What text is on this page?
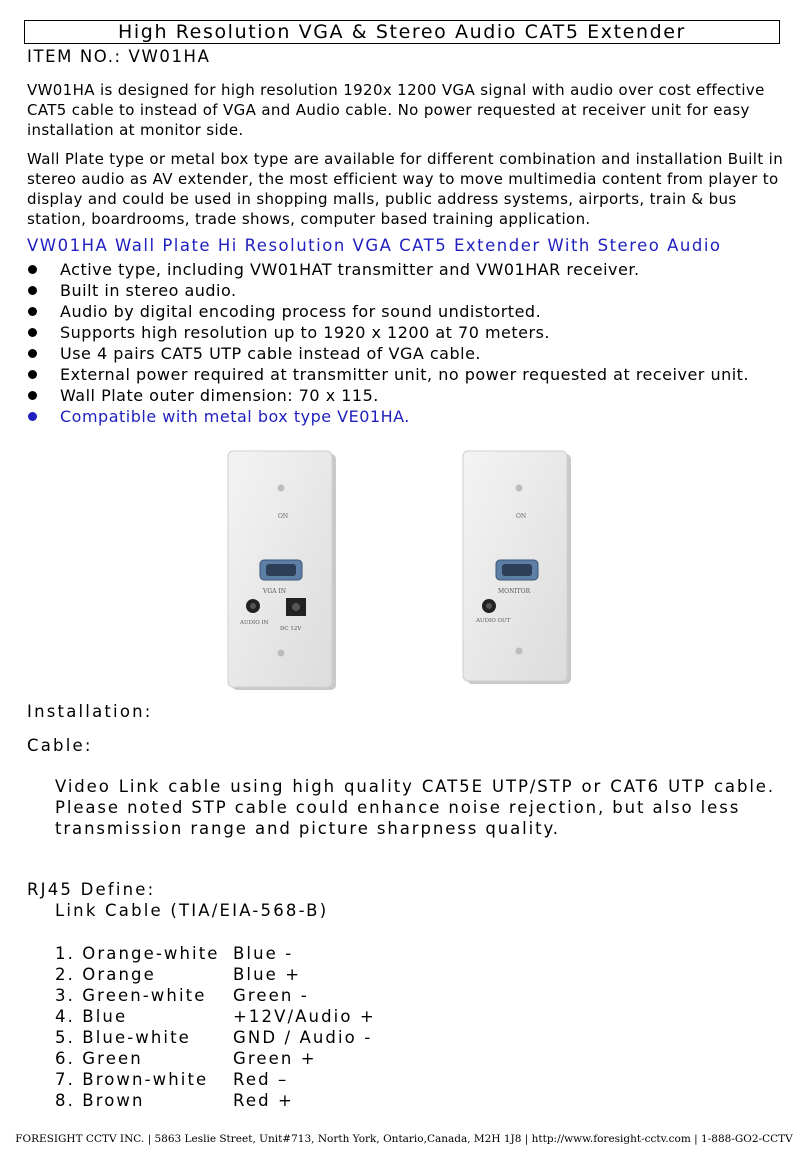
High Resolution VGA & Stereo Audio CAT5 Extender
ITEM NO.: VW01HA

VW01HA is designed for high resolution 1920x 1200 VGA signal with audio over cost effective CAT5 cable to instead of VGA and Audio cable. No power requested at receiver unit for easy installation at monitor side.

Wall Plate type or metal box type are available for different combination and installation Built in stereo audio as AV extender, the most efficient way to move multimedia content from player to display and could be used in shopping malls, public address systems, airports, train & bus station, boardrooms, trade shows, computer based training application.

VW01HA Wall Plate Hi Resolution VGA CAT5 Extender With Stereo Audio
Active type, including VW01HAT transmitter and VW01HAR receiver.
Built in stereo audio.
Audio by digital encoding process for sound undistorted.
Supports high resolution up to 1920 x 1200 at 70 meters.
Use 4 pairs CAT5 UTP cable instead of VGA cable.
External power required at transmitter unit, no power requested at receiver unit.
Wall Plate outer dimension: 70 x 115.
Compatible with metal box type VE01HA.
ON
VGA IN
AUDIO IN
DC 12V
ON
MONITOR
AUDIO OUT
Installation:
Cable:

Video Link cable using high quality CAT5E UTP/STP or CAT6 UTP cable. Please noted STP cable could enhance noise rejection, but also less
transmission range and picture sharpness quality.

RJ45 Define:
Link Cable (TIA/EIA-568-B)
1. Orange-white	Blue -
2. Orange	Blue +
3. Green-white	Green -
4. Blue	+12V/Audio +
5. Blue-white	GND / Audio -
6. Green	Green +
7. Brown-white	Red –
8. Brown	Red +
FORESIGHT CCTV INC. | 5863 Leslie Street, Unit#713, North York, Ontario,Canada, M2H 1J8 | http://www.foresight-cctv.com | 1-888-GO2-CCTV
